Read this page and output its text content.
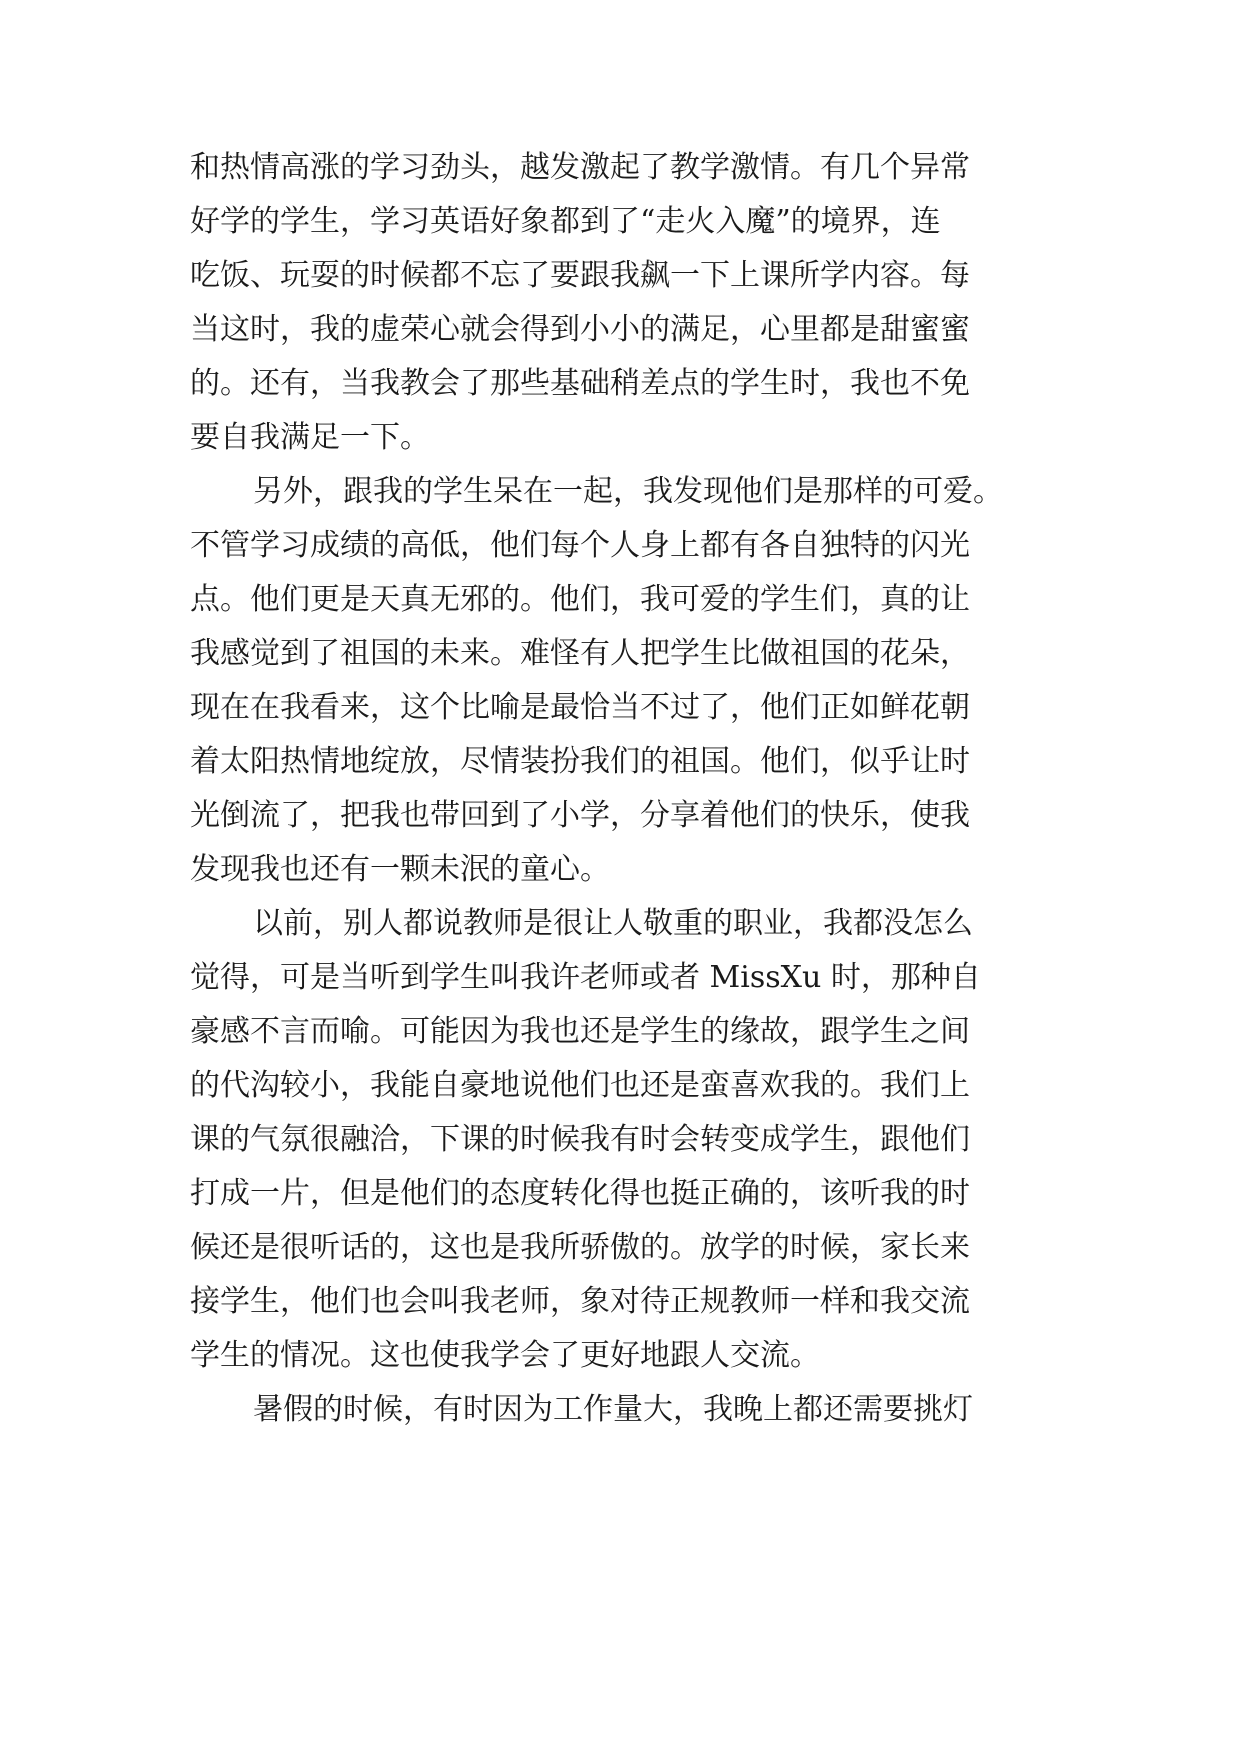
和热情高涨的学习劲头，越发激起了教学激情。有几个异常
好学的学生，学习英语好象都到了“走火入魔”的境界，连
吃饭、玩耍的时候都不忘了要跟我飙一下上课所学内容。每
当这时，我的虚荣心就会得到小小的满足，心里都是甜蜜蜜
的。还有，当我教会了那些基础稍差点的学生时，我也不免
要自我满足一下。
另外，跟我的学生呆在一起，我发现他们是那样的可爱。
不管学习成绩的高低，他们每个人身上都有各自独特的闪光
点。他们更是天真无邪的。他们，我可爱的学生们，真的让
我感觉到了祖国的未来。难怪有人把学生比做祖国的花朵，
现在在我看来，这个比喻是最恰当不过了，他们正如鲜花朝
着太阳热情地绽放，尽情装扮我们的祖国。他们，似乎让时
光倒流了，把我也带回到了小学，分享着他们的快乐，使我
发现我也还有一颗未泯的童心。
以前，别人都说教师是很让人敬重的职业，我都没怎么
觉得，可是当听到学生叫我许老师或者 MissXu 时，那种自
豪感不言而喻。可能因为我也还是学生的缘故，跟学生之间
的代沟较小，我能自豪地说他们也还是蛮喜欢我的。我们上
课的气氛很融洽，下课的时候我有时会转变成学生，跟他们
打成一片，但是他们的态度转化得也挺正确的，该听我的时
候还是很听话的，这也是我所骄傲的。放学的时候，家长来
接学生，他们也会叫我老师，象对待正规教师一样和我交流
学生的情况。这也使我学会了更好地跟人交流。
暑假的时候，有时因为工作量大，我晚上都还需要挑灯
